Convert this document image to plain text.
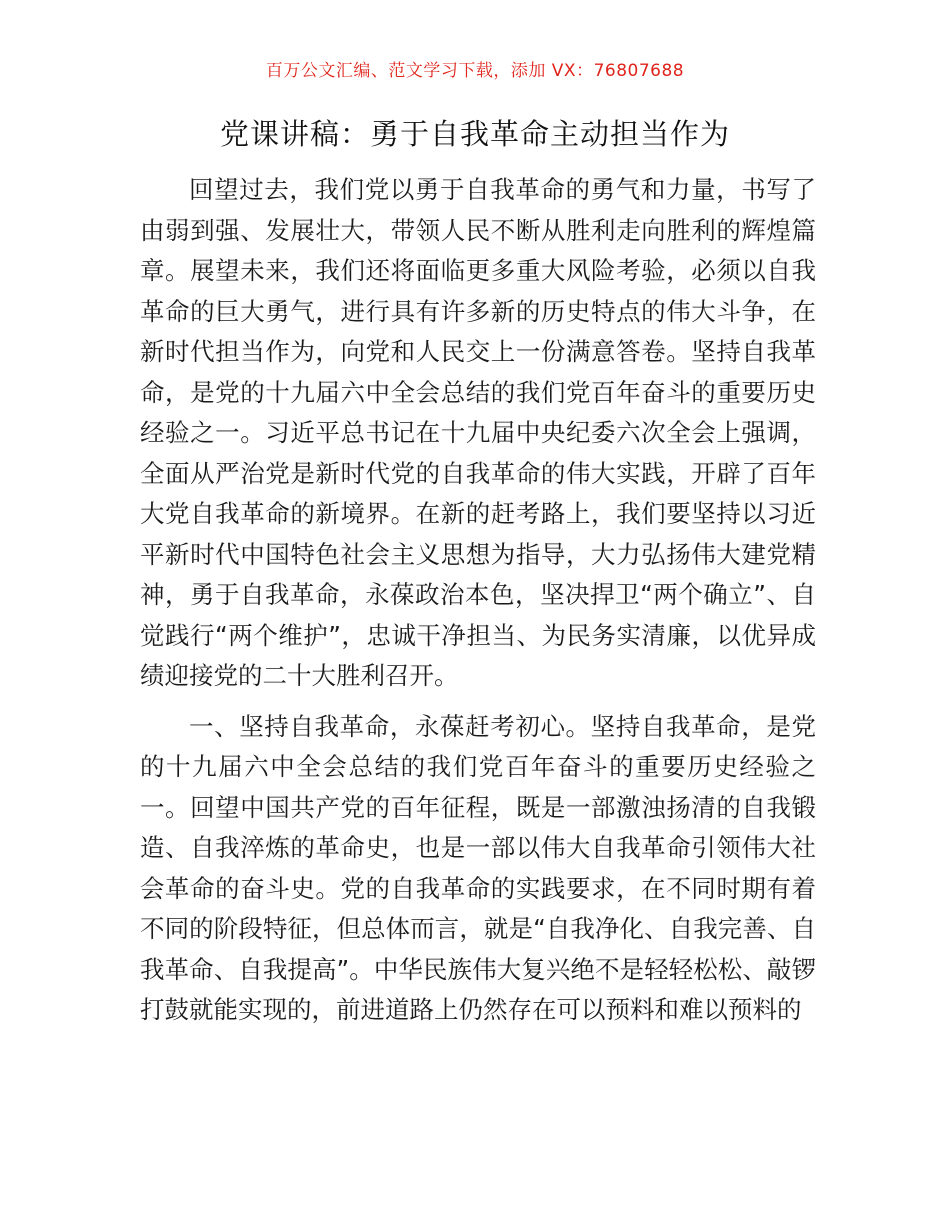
百万公文汇编、范文学习下载，添加 VX：76807688
党课讲稿：勇于自我革命主动担当作为

回望过去，我们党以勇于自我革命的勇气和力量，书写了由弱到强、发展壮大，带领人民不断从胜利走向胜利的辉煌篇章。展望未来，我们还将面临更多重大风险考验，必须以自我革命的巨大勇气，进行具有许多新的历史特点的伟大斗争，在新时代担当作为，向党和人民交上一份满意答卷。坚持自我革命，是党的十九届六中全会总结的我们党百年奋斗的重要历史经验之一。习近平总书记在十九届中央纪委六次全会上强调，全面从严治党是新时代党的自我革命的伟大实践，开辟了百年大党自我革命的新境界。在新的赶考路上，我们要坚持以习近平新时代中国特色社会主义思想为指导，大力弘扬伟大建党精神，勇于自我革命，永葆政治本色，坚决捍卫“两个确立”、自觉践行“两个维护”，忠诚干净担当、为民务实清廉，以优异成绩迎接党的二十大胜利召开。

一、坚持自我革命，永葆赶考初心。坚持自我革命，是党的十九届六中全会总结的我们党百年奋斗的重要历史经验之一。回望中国共产党的百年征程，既是一部激浊扬清的自我锻造、自我淬炼的革命史，也是一部以伟大自我革命引领伟大社会革命的奋斗史。党的自我革命的实践要求，在不同时期有着不同的阶段特征，但总体而言，就是“自我净化、自我完善、自我革命、自我提高”。中华民族伟大复兴绝不是轻轻松松、敲锣打鼓就能实现的，前进道路上仍然存在可以预料和难以预料的
